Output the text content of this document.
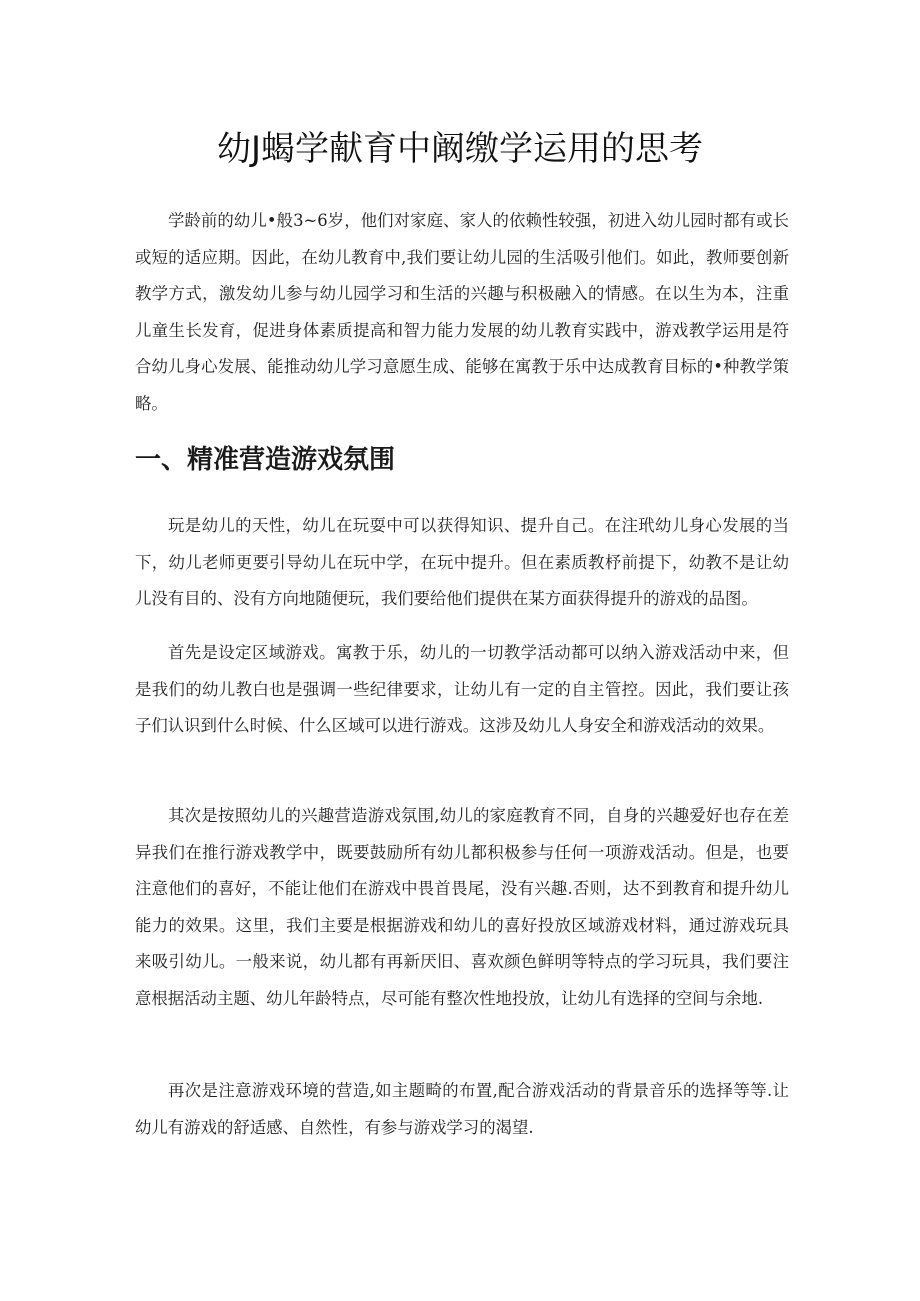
幼J蝎学献育中阚缴学运用的思考

学龄前的幼儿•般3~6岁，他们对家庭、家人的依赖性较强，初进入幼儿园时都有或长或短的适应期。因此，在幼儿教育中,我们要让幼儿园的生活吸引他们。如此，教师要创新教学方式，激发幼儿参与幼儿园学习和生活的兴趣与积极融入的情感。在以生为本，注重儿童生长发育，促进身体素质提高和智力能力发展的幼儿教育实践中，游戏教学运用是符合幼儿身心发展、能推动幼儿学习意愿生成、能够在寓教于乐中达成教育目标的•种教学策略。

一、精准营造游戏氛围

玩是幼儿的天性，幼儿在玩耍中可以获得知识、提升自己。在注玳幼儿身心发展的当下，幼儿老师更要引导幼儿在玩中学，在玩中提升。但在素质教杼前提下，幼教不是让幼儿没有目的、没有方向地随便玩，我们要给他们提供在某方面获得提升的游戏的品图。

首先是设定区域游戏。寓教于乐，幼儿的一切教学活动都可以纳入游戏活动中来，但是我们的幼儿教白也是强调一些纪律要求，让幼儿有一定的自主管控。因此，我们要让孩子们认识到什么时候、什么区域可以进行游戏。这涉及幼儿人身安全和游戏活动的效果。

其次是按照幼儿的兴趣营造游戏氛围,幼儿的家庭教育不同，自身的兴趣爱好也存在差异我们在推行游戏教学中，既要鼓励所有幼儿都积极参与任何一项游戏活动。但是，也要注意他们的喜好，不能让他们在游戏中畏首畏尾，没有兴趣.否则，达不到教育和提升幼儿能力的效果。这里，我们主要是根据游戏和幼儿的喜好投放区域游戏材料，通过游戏玩具来吸引幼儿。一般来说，幼儿都有再新厌旧、喜欢颜色鲜明等特点的学习玩具，我们要注意根据活动主题、幼儿年龄特点，尽可能有整次性地投放，让幼儿有选择的空间与余地.

再次是注意游戏环境的营造,如主题畸的布置,配合游戏活动的背景音乐的选择等等.让幼儿有游戏的舒适感、自然性，有参与游戏学习的渴望.
